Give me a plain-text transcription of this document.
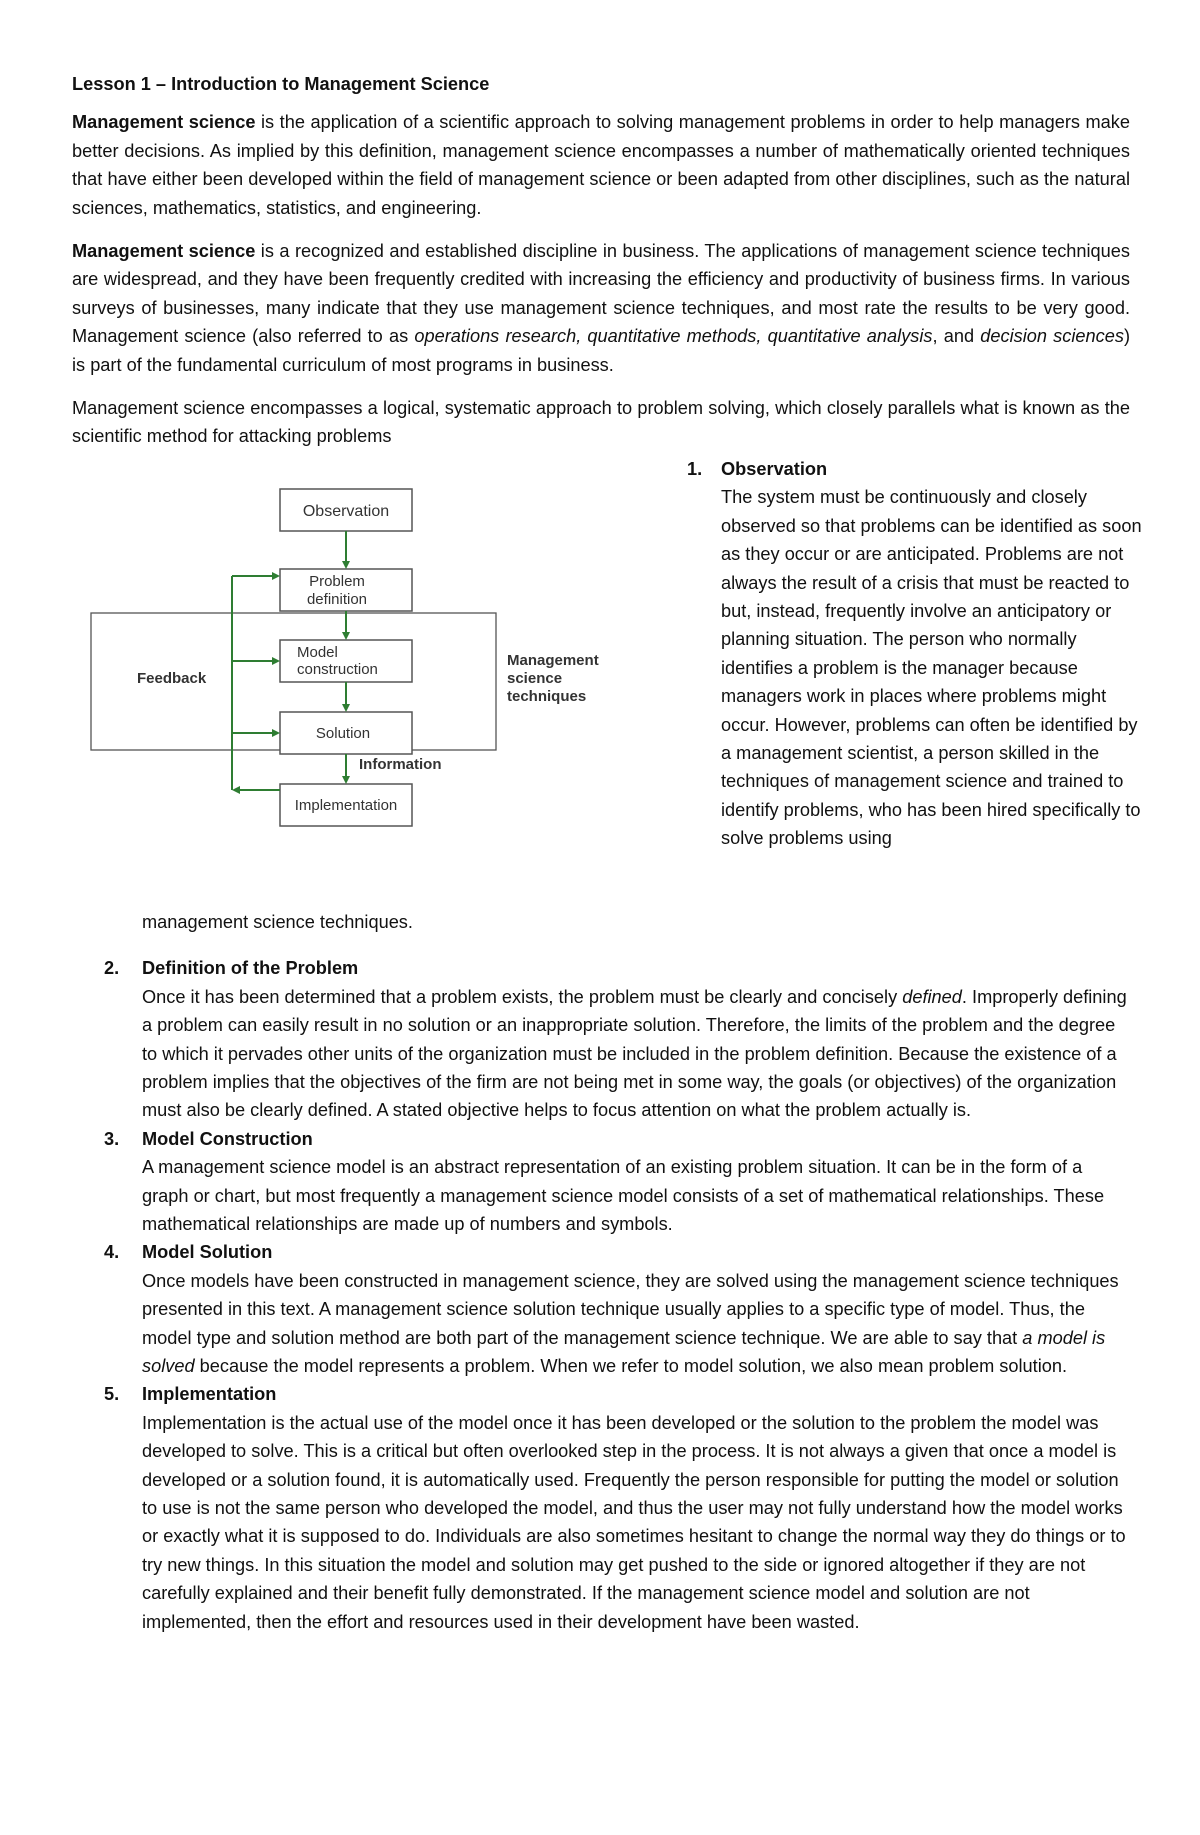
Lesson 1 – Introduction to Management Science

Management science is the application of a scientific approach to solving management problems in order to help managers make better decisions. As implied by this definition, management science encompasses a number of mathematically oriented techniques that have either been developed within the field of management science or been adapted from other disciplines, such as the natural sciences, mathematics, statistics, and engineering.

Management science is a recognized and established discipline in business. The applications of management science techniques are widespread, and they have been frequently credited with increasing the efficiency and productivity of business firms. In various surveys of businesses, many indicate that they use management science techniques, and most rate the results to be very good. Management science (also referred to as operations research, quantitative methods, quantitative analysis, and decision sciences) is part of the fundamental curriculum of most programs in business.

Management science encompasses a logical, systematic approach to problem solving, which closely parallels what is known as the scientific method for attacking problems

Observation
Problem
definition
Model
construction
Solution
Implementation
Feedback
Management
science
techniques
Information
1. Observation
The system must be continuously and closely observed so that problems can be identified as soon as they occur or are anticipated. Problems are not always the result of a crisis that must be reacted to but, instead, frequently involve an anticipatory or planning situation. The person who normally identifies a problem is the manager because managers work in places where problems might occur. However, problems can often be identified by a management scientist, a person skilled in the techniques of management science and trained to identify problems, who has been hired specifically to solve problems using
management science techniques.
2. Definition of the Problem
Once it has been determined that a problem exists, the problem must be clearly and concisely defined. Improperly defining a problem can easily result in no solution or an inappropriate solution. Therefore, the limits of the problem and the degree to which it pervades other units of the organization must be included in the problem definition. Because the existence of a problem implies that the objectives of the firm are not being met in some way, the goals (or objectives) of the organization must also be clearly defined. A stated objective helps to focus attention on what the problem actually is.
3. Model Construction
A management science model is an abstract representation of an existing problem situation. It can be in the form of a graph or chart, but most frequently a management science model consists of a set of mathematical relationships. These mathematical relationships are made up of numbers and symbols.
4. Model Solution
Once models have been constructed in management science, they are solved using the management science techniques presented in this text. A management science solution technique usually applies to a specific type of model. Thus, the model type and solution method are both part of the management science technique. We are able to say that a model is solved because the model represents a problem. When we refer to model solution, we also mean problem solution.
5. Implementation
Implementation is the actual use of the model once it has been developed or the solution to the problem the model was developed to solve. This is a critical but often overlooked step in the process. It is not always a given that once a model is developed or a solution found, it is automatically used. Frequently the person responsible for putting the model or solution to use is not the same person who developed the model, and thus the user may not fully understand how the model works or exactly what it is supposed to do. Individuals are also sometimes hesitant to change the normal way they do things or to try new things. In this situation the model and solution may get pushed to the side or ignored altogether if they are not carefully explained and their benefit fully demonstrated. If the management science model and solution are not implemented, then the effort and resources used in their development have been wasted.
